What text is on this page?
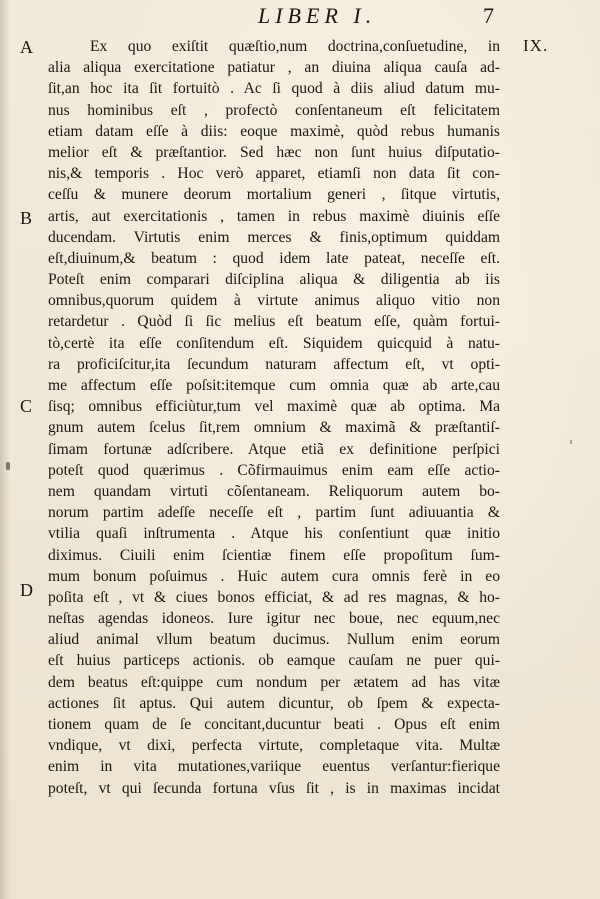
LIBER I.	7
IX.
A
B
C
D
Ex quo exiſtit quæſtio,num doctrina,conſuetudine, in
alia aliqua exercitatione patiatur , an diuina aliqua cauſa ad-
ſit,an hoc ita ſit fortuitò . Ac ſi quod à diis aliud datum mu-
nus hominibus eſt , profectò conſentaneum eſt felicitatem
etiam datam eſſe à diis: eoque maximè, quòd rebus humanis
melior eſt & præſtantior. Sed hæc non ſunt huius diſputatio-
nis,& temporis . Hoc verò apparet, etiamſi non data ſit con-
ceſſu & munere deorum mortalium generi , ſitque virtutis,
artis, aut exercitationis , tamen in rebus maximè diuinis eſſe
ducendam. Virtutis enim merces & finis,optimum quiddam
eſt,diuinum,& beatum : quod idem late pateat, neceſſe eſt.
Poteſt enim comparari diſciplina aliqua & diligentia ab iis
omnibus,quorum quidem à virtute animus aliquo vitio non
retardetur . Quòd ſi ſic melius eſt beatum eſſe, quàm fortui-
tò,certè ita eſſe conſitendum eſt. Siquidem quicquid à natu-
ra proficiſcitur,ita ſecundum naturam affectum eſt, vt opti-
me affectum eſſe poſsit:itemque cum omnia quæ ab arte,cau
ſisq; omnibus efficiùtur,tum vel maximè quæ ab optima. Ma
gnum autem ſcelus ſit,rem omnium & maximã & præſtantiſ-
ſimam fortunæ adſcribere. Atque etiã ex definitione perſpici
poteſt quod quærimus . Cõfirmauimus enim eam eſſe actio-
nem quandam virtuti cõſentaneam. Reliquorum autem bo-
norum partim adeſſe neceſſe eſt , partim ſunt adiuuantia &
vtilia quaſi inſtrumenta . Atque his conſentiunt quæ initio
diximus. Ciuili enim ſcientiæ finem eſſe propoſitum ſum-
mum bonum poſuimus . Huic autem cura omnis ferè in eo
poſita eſt , vt & ciues bonos efficiat, & ad res magnas, & ho-
neſtas agendas idoneos. Iure igitur nec boue, nec equum,nec
aliud animal vllum beatum ducimus. Nullum enim eorum
eſt huius particeps actionis. ob eamque cauſam ne puer qui-
dem beatus eſt:quippe cum nondum per ætatem ad has vitæ
actiones ſit aptus. Qui autem dicuntur, ob ſpem & expecta-
tionem quam de ſe concitant,ducuntur beati . Opus eſt enim
vndique, vt dixi, perfecta virtute, completaque vita. Multæ
enim in vita mutationes,variique euentus verſantur:fieriquе
poteſt, vt qui ſecunda fortuna vſus ſit , is in maximas incidat
